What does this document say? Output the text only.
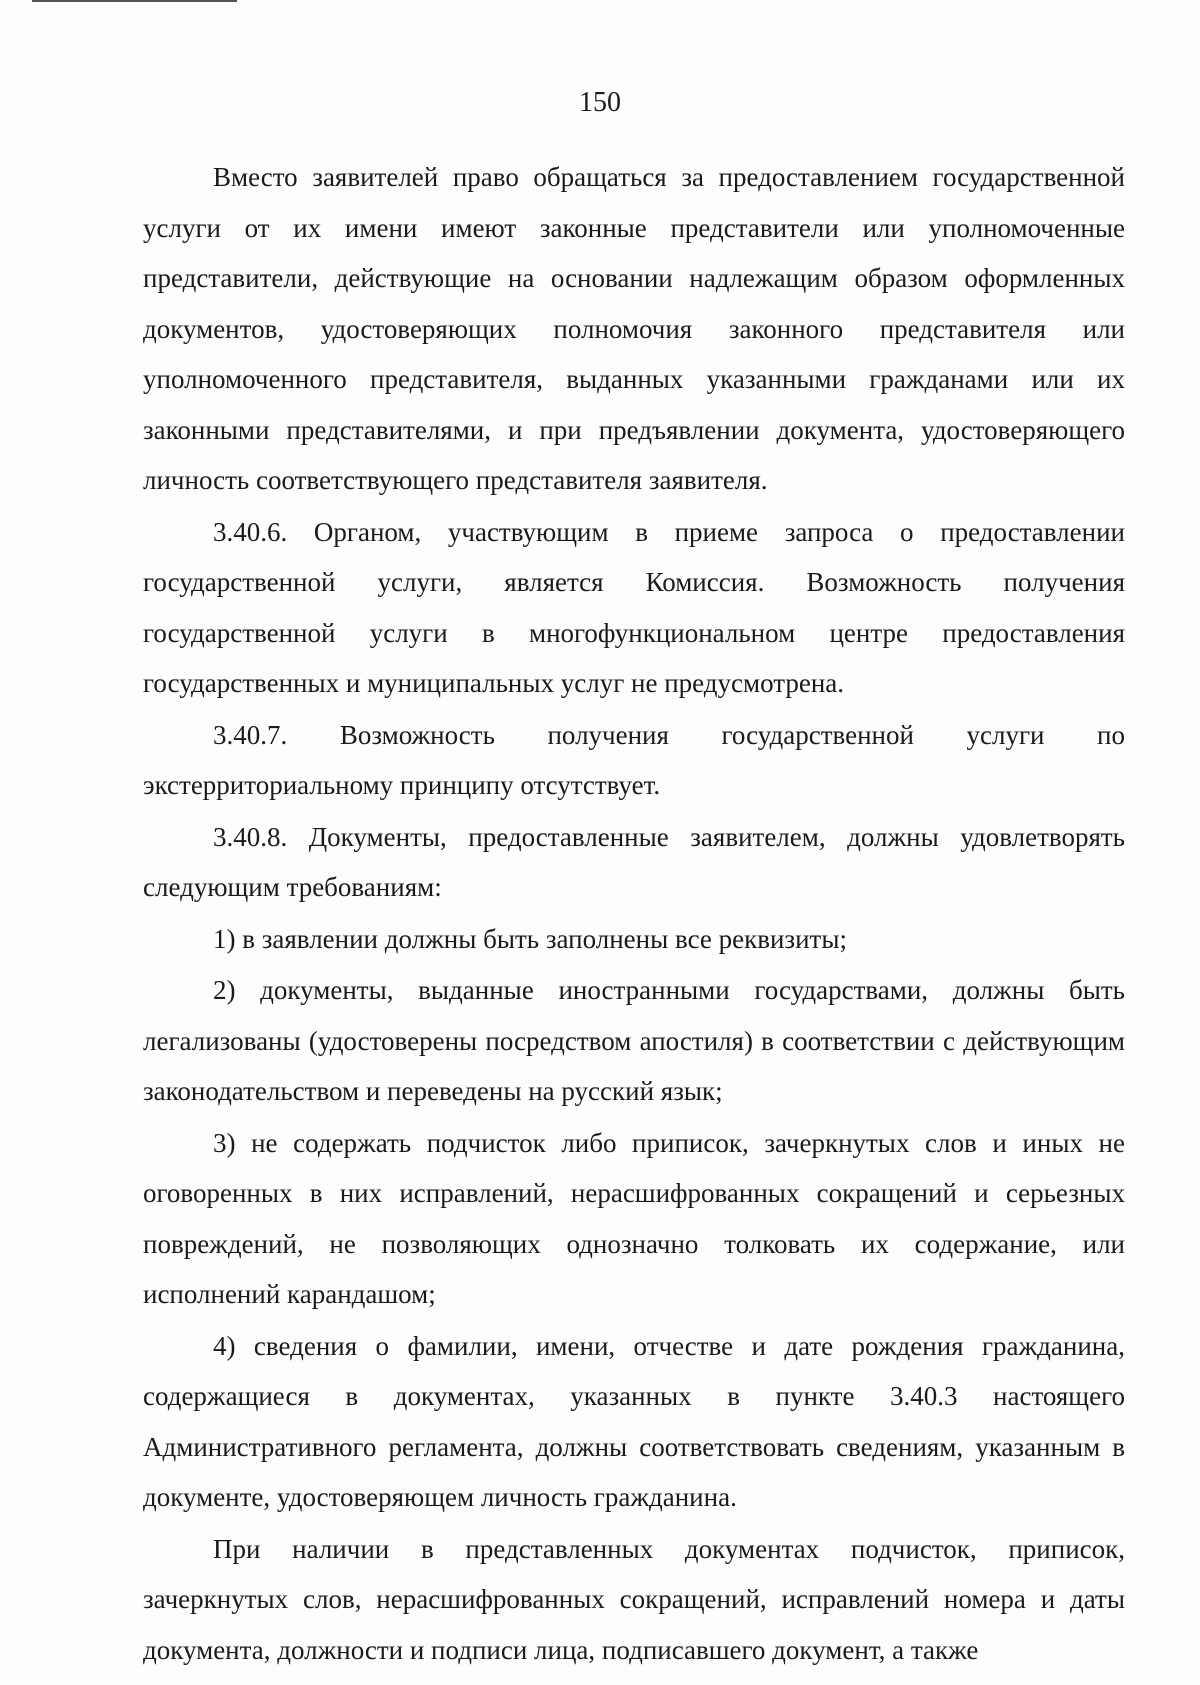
150

Вместо заявителей право обращаться за предоставлением государственной услуги от их имени имеют законные представители или уполномоченные представители, действующие на основании надлежащим образом оформленных документов, удостоверяющих полномочия законного представителя или уполномоченного представителя, выданных указанными гражданами или их законными представителями, и при предъявлении документа, удостоверяющего личность соответствующего представителя заявителя.

3.40.6. Органом, участвующим в приеме запроса о предоставлении государственной услуги, является Комиссия. Возможность получения государственной услуги в многофункциональном центре предоставления государственных и муниципальных услуг не предусмотрена.

3.40.7. Возможность получения государственной услуги по экстерриториальному принципу отсутствует.

3.40.8. Документы, предоставленные заявителем, должны удовлетворять следующим требованиям:

1) в заявлении должны быть заполнены все реквизиты;

2) документы, выданные иностранными государствами, должны быть легализованы (удостоверены посредством апостиля) в соответствии с действующим законодательством и переведены на русский язык;

3) не содержать подчисток либо приписок, зачеркнутых слов и иных не оговоренных в них исправлений, нерасшифрованных сокращений и серьезных повреждений, не позволяющих однозначно толковать их содержание, или исполнений карандашом;

4) сведения о фамилии, имени, отчестве и дате рождения гражданина, содержащиеся в документах, указанных в пункте 3.40.3 настоящего Административного регламента, должны соответствовать сведениям, указанным в документе, удостоверяющем личность гражданина.

При наличии в представленных документах подчисток, приписок, зачеркнутых слов, нерасшифрованных сокращений, исправлений номера и даты документа, должности и подписи лица, подписавшего документ, а также
